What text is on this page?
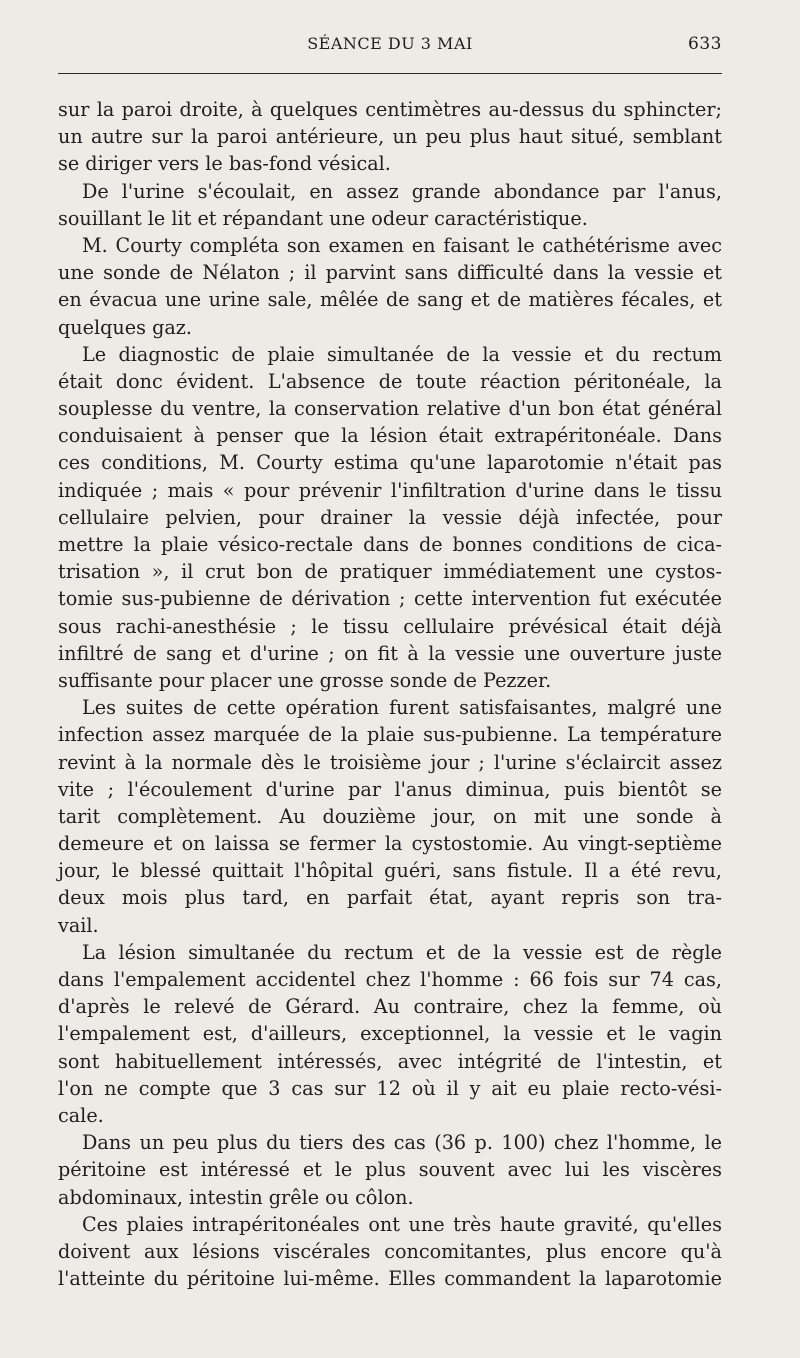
SÉANCE DU 3 MAI	633
sur la paroi droite, à quelques centimètres au-dessus du sphincter;
un autre sur la paroi antérieure, un peu plus haut situé, semblant
se diriger vers le bas-fond vésical.
De l'urine s'écoulait, en assez grande abondance par l'anus,
souillant le lit et répandant une odeur caractéristique.
M. Courty compléta son examen en faisant le cathétérisme avec
une sonde de Nélaton ; il parvint sans difficulté dans la vessie et
en évacua une urine sale, mêlée de sang et de matières fécales, et
quelques gaz.
Le diagnostic de plaie simultanée de la vessie et du rectum
était donc évident. L'absence de toute réaction péritonéale, la
souplesse du ventre, la conservation relative d'un bon état général
conduisaient à penser que la lésion était extrapéritonéale. Dans
ces conditions, M. Courty estima qu'une laparotomie n'était pas
indiquée ; mais « pour prévenir l'infiltration d'urine dans le tissu
cellulaire pelvien, pour drainer la vessie déjà infectée, pour
mettre la plaie vésico-rectale dans de bonnes conditions de cica-
trisation », il crut bon de pratiquer immédiatement une cystos-
tomie sus-pubienne de dérivation ; cette intervention fut exécutée
sous rachi-anesthésie ; le tissu cellulaire prévésical était déjà
infiltré de sang et d'urine ; on fit à la vessie une ouverture juste
suffisante pour placer une grosse sonde de Pezzer.
Les suites de cette opération furent satisfaisantes, malgré une
infection assez marquée de la plaie sus-pubienne. La température
revint à la normale dès le troisième jour ; l'urine s'éclaircit assez
vite ; l'écoulement d'urine par l'anus diminua, puis bientôt se
tarit complètement. Au douzième jour, on mit une sonde à
demeure et on laissa se fermer la cystostomie. Au vingt-septième
jour, le blessé quittait l'hôpital guéri, sans fistule. Il a été revu,
deux mois plus tard, en parfait état, ayant repris son tra-
vail.
La lésion simultanée du rectum et de la vessie est de règle
dans l'empalement accidentel chez l'homme : 66 fois sur 74 cas,
d'après le relevé de Gérard. Au contraire, chez la femme, où
l'empalement est, d'ailleurs, exceptionnel, la vessie et le vagin
sont habituellement intéressés, avec intégrité de l'intestin, et
l'on ne compte que 3 cas sur 12 où il y ait eu plaie recto-vési-
cale.
Dans un peu plus du tiers des cas (36 p. 100) chez l'homme, le
péritoine est intéressé et le plus souvent avec lui les viscères
abdominaux, intestin grêle ou côlon.
Ces plaies intrapéritonéales ont une très haute gravité, qu'elles
doivent aux lésions viscérales concomitantes, plus encore qu'à
l'atteinte du péritoine lui-même. Elles commandent la laparotomie
